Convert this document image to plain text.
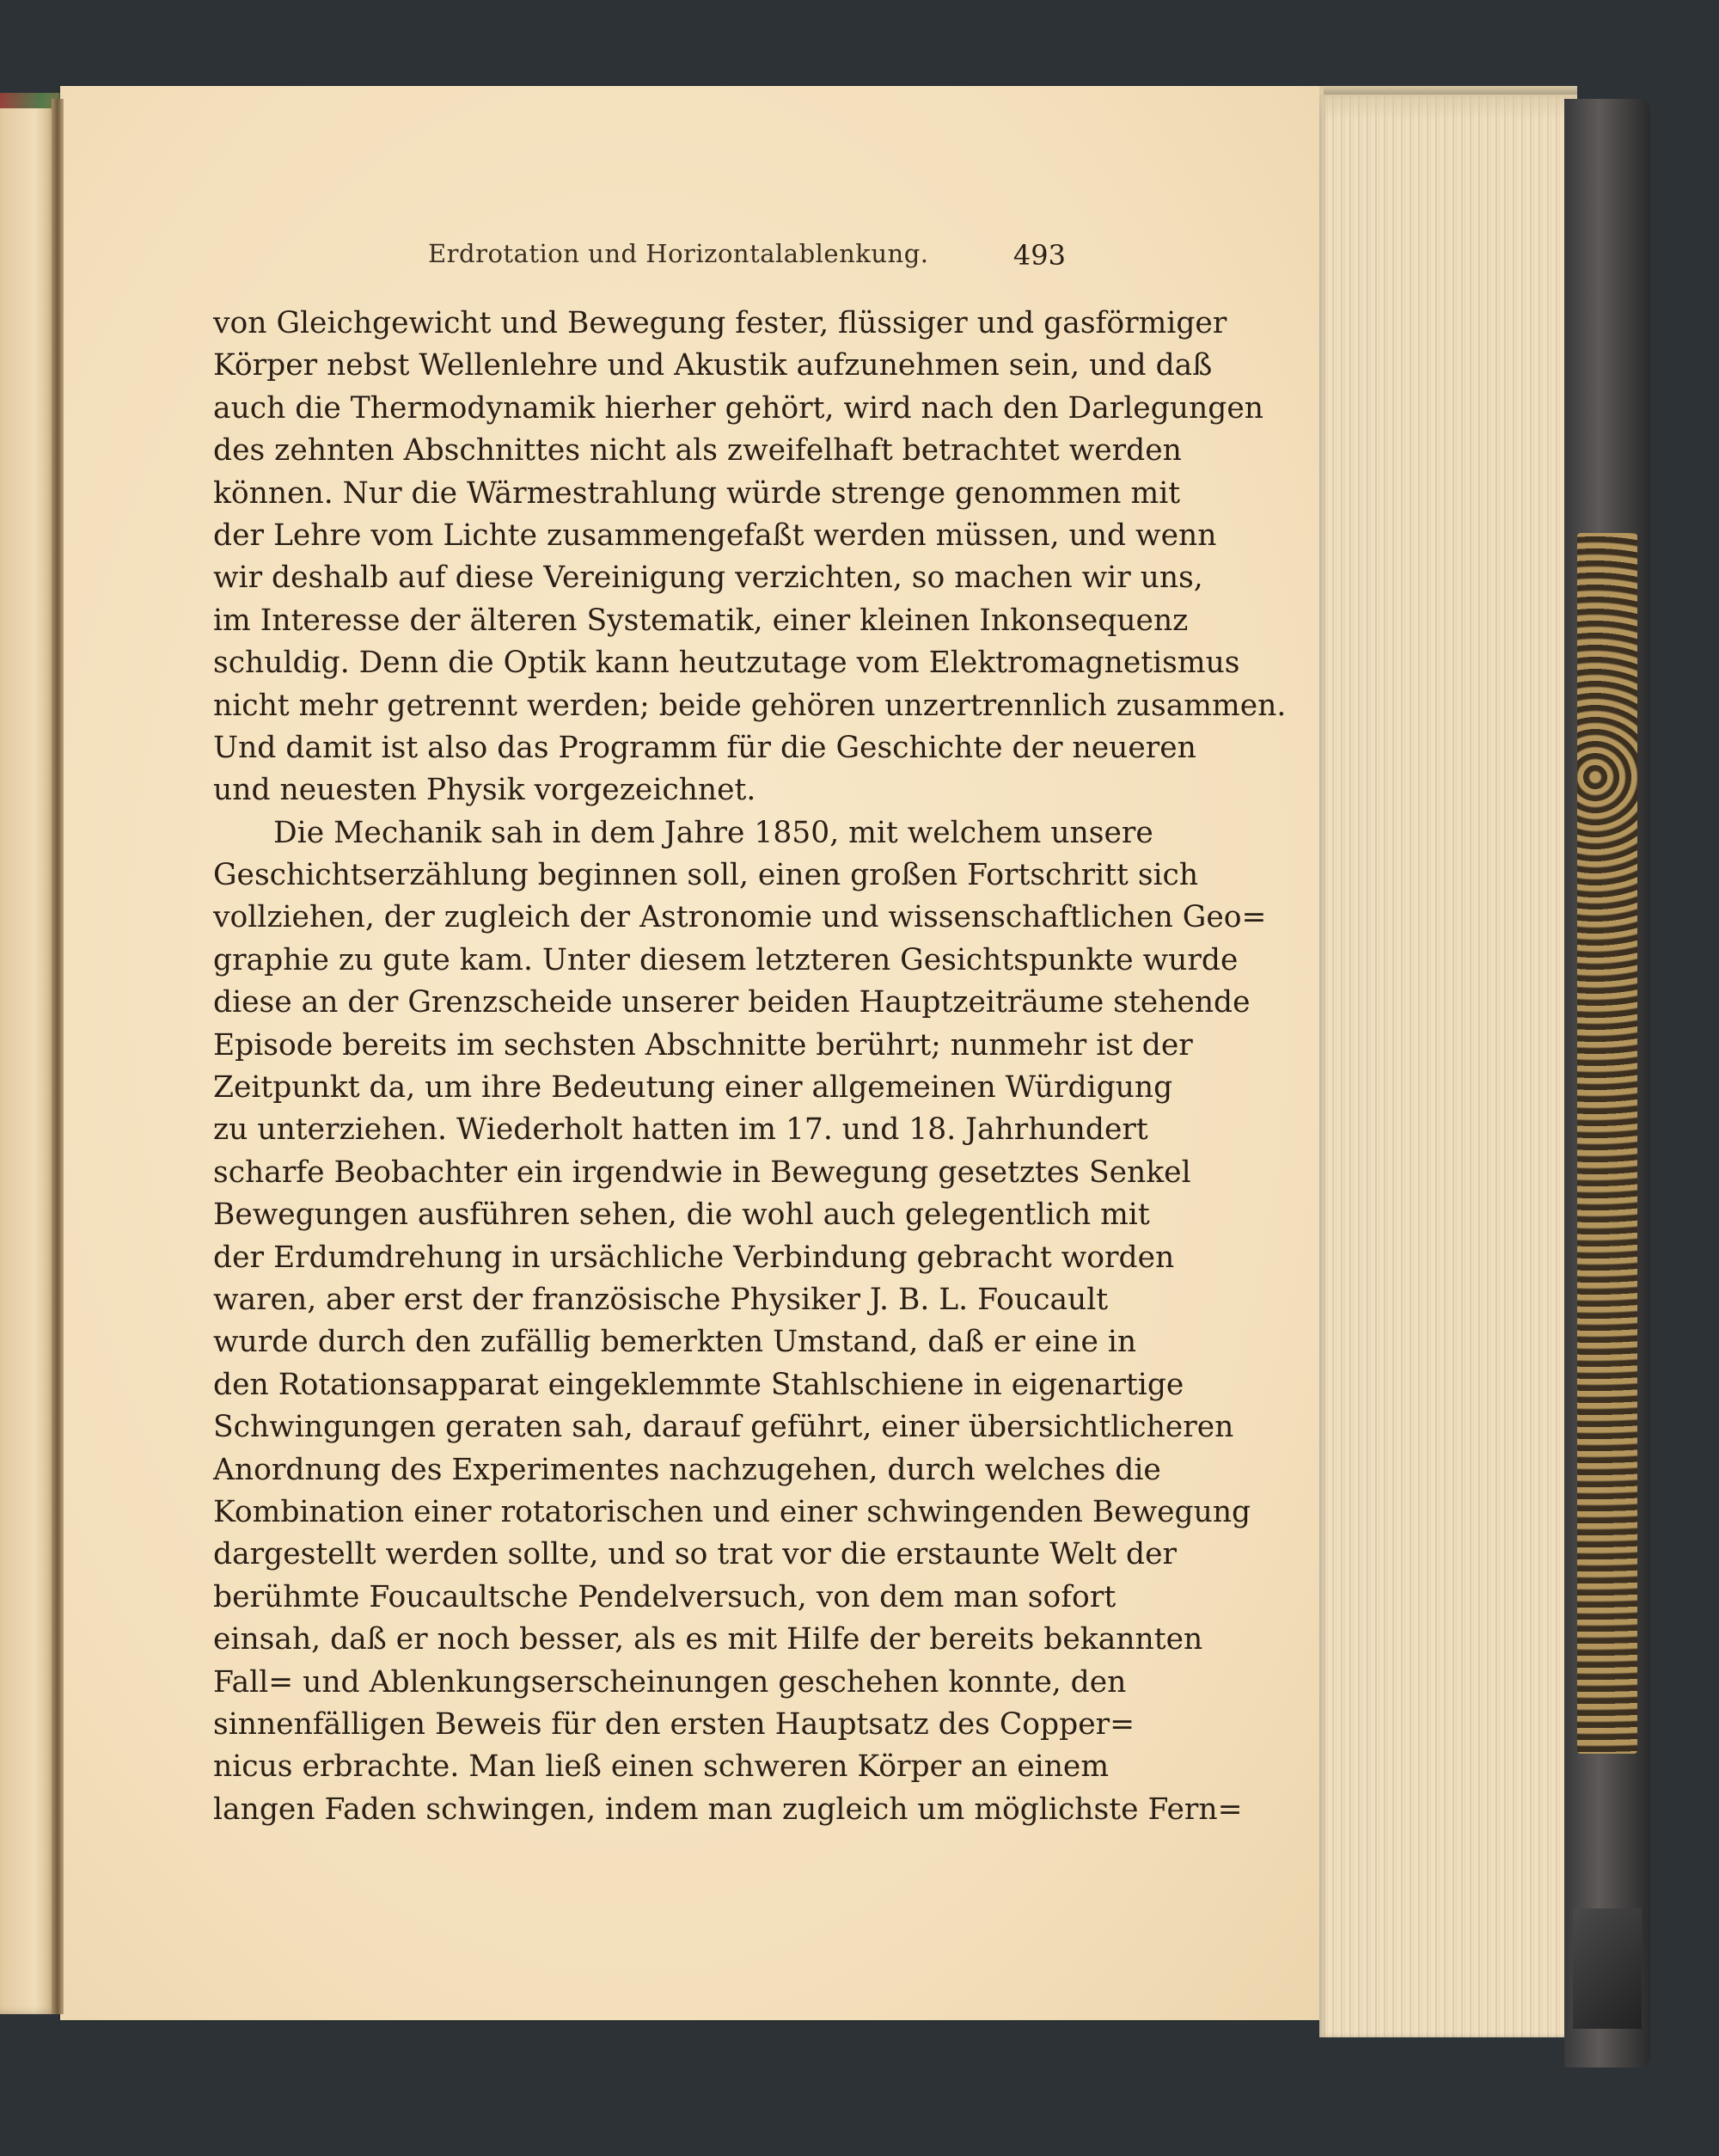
Erdrotation und Horizontalablenkung.	493
von Gleichgewicht und Bewegung fester, flüssiger und gasförmiger
Körper nebst Wellenlehre und Akustik aufzunehmen sein, und daß
auch die Thermodynamik hierher gehört, wird nach den Darlegungen
des zehnten Abschnittes nicht als zweifelhaft betrachtet werden
können. Nur die Wärmestrahlung würde strenge genommen mit
der Lehre vom Lichte zusammengefaßt werden müssen, und wenn
wir deshalb auf diese Vereinigung verzichten, so machen wir uns,
im Interesse der älteren Systematik, einer kleinen Inkonsequenz
schuldig. Denn die Optik kann heutzutage vom Elektromagnetismus
nicht mehr getrennt werden; beide gehören unzertrennlich zusammen.
Und damit ist also das Programm für die Geschichte der neueren
und neuesten Physik vorgezeichnet.
Die Mechanik sah in dem Jahre 1850, mit welchem unsere
Geschichtserzählung beginnen soll, einen großen Fortschritt sich
vollziehen, der zugleich der Astronomie und wissenschaftlichen Geo=
graphie zu gute kam. Unter diesem letzteren Gesichtspunkte wurde
diese an der Grenzscheide unserer beiden Hauptzeiträume stehende
Episode bereits im sechsten Abschnitte berührt; nunmehr ist der
Zeitpunkt da, um ihre Bedeutung einer allgemeinen Würdigung
zu unterziehen. Wiederholt hatten im 17. und 18. Jahrhundert
scharfe Beobachter ein irgendwie in Bewegung gesetztes Senkel
Bewegungen ausführen sehen, die wohl auch gelegentlich mit
der Erdumdrehung in ursächliche Verbindung gebracht worden
waren, aber erst der französische Physiker J. B. L. Foucault
wurde durch den zufällig bemerkten Umstand, daß er eine in
den Rotationsapparat eingeklemmte Stahlschiene in eigenartige
Schwingungen geraten sah, darauf geführt, einer übersichtlicheren
Anordnung des Experimentes nachzugehen, durch welches die
Kombination einer rotatorischen und einer schwingenden Bewegung
dargestellt werden sollte, und so trat vor die erstaunte Welt der
berühmte Foucaultsche Pendelversuch, von dem man sofort
einsah, daß er noch besser, als es mit Hilfe der bereits bekannten
Fall= und Ablenkungserscheinungen geschehen konnte, den
sinnenfälligen Beweis für den ersten Hauptsatz des Copper=
nicus erbrachte. Man ließ einen schweren Körper an einem
langen Faden schwingen, indem man zugleich um möglichste Fern=
